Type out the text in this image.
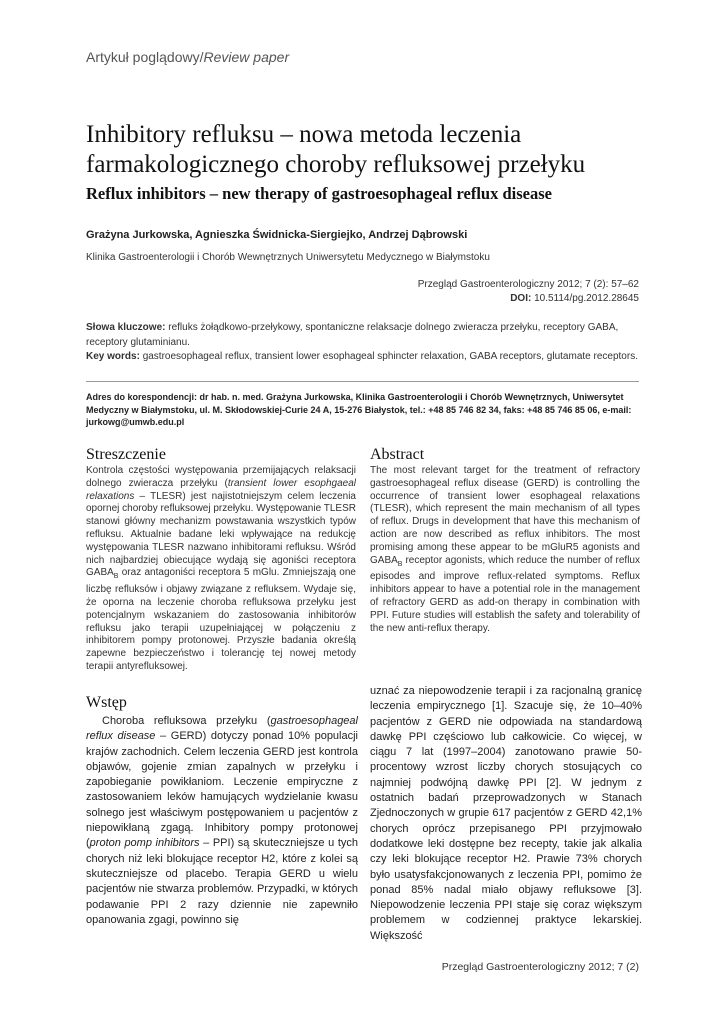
Artykuł poglądowy/Review paper
Inhibitory refluksu – nowa metoda leczenia farmakologicznego choroby refluksowej przełyku
Reflux inhibitors – new therapy of gastroesophageal reflux disease
Grażyna Jurkowska, Agnieszka Świdnicka-Siergiejko, Andrzej Dąbrowski
Klinika Gastroenterologii i Chorób Wewnętrznych Uniwersytetu Medycznego w Białymstoku
Przegląd Gastroenterologiczny 2012; 7 (2): 57–62
DOI: 10.5114/pg.2012.28645
Słowa kluczowe: refluks żołądkowo-przełykowy, spontaniczne relaksacje dolnego zwieracza przełyku, receptory GABA, receptory glutaminianu.
Key words: gastroesophageal reflux, transient lower esophageal sphincter relaxation, GABA receptors, glutamate receptors.
Adres do korespondencji: dr hab. n. med. Grażyna Jurkowska, Klinika Gastroenterologii i Chorób Wewnętrznych, Uniwersytet Medyczny w Białymstoku, ul. M. Skłodowskiej-Curie 24 A, 15-276 Białystok, tel.: +48 85 746 82 34, faks: +48 85 746 85 06, e-mail: jurkowg@umwb.edu.pl
Streszczenie	Abstract
Kontrola częstości występowania przemijających relaksacji dolnego zwieracza przełyku (transient lower esophgaeal relaxations – TLESR) jest najistotniejszym celem leczenia opornej choroby refluksowej przełyku. Występowanie TLESR stanowi główny mechanizm powstawania wszystkich typów refluksu. Aktualnie badane leki wpływające na redukcję występowania TLESR nazwano inhibitorami refluksu. Wśród nich najbardziej obiecujące wydają się agoniści receptora $GABA_B$ oraz antagoniści receptora 5 mGlu. Zmniejszają one liczbę refluksów i objawy związane z refluksem. Wydaje się, że oporna na leczenie choroba refluksowa przełyku jest potencjalnym wskazaniem do zastosowania inhibitorów refluksu jako terapii uzupełniającej w połączeniu z inhibitorem pompy protonowej. Przyszłe badania określą zapewne bezpieczeństwo i tolerancję tej nowej metody terapii antyrefluksowej.
The most relevant target for the treatment of refractory gastroesophageal reflux disease (GERD) is controlling the occurrence of transient lower esophageal relaxations (TLESR), which represent the main mechanism of all types of reflux. Drugs in development that have this mechanism of action are now described as reflux inhibitors. The most promising among these appear to be mGluR5 agonists and $GABA_B$ receptor agonists, which reduce the number of reflux episodes and improve reflux-related symptoms. Reflux inhibitors appear to have a potential role in the management of refractory GERD as add-on therapy in combination with PPI. Future studies will establish the safety and tolerability of the new anti-reflux therapy.
Wstęp
Choroba refluksowa przełyku (gastroesophageal reflux disease – GERD) dotyczy ponad 10% populacji krajów zachodnich. Celem leczenia GERD jest kontrola objawów, gojenie zmian zapalnych w przełyku i zapobieganie powikłaniom. Leczenie empiryczne z zastosowaniem leków hamujących wydzielanie kwasu solnego jest właściwym postępowaniem u pacjentów z niepowikłaną zgagą. Inhibitory pompy protonowej (proton pomp inhibitors – PPI) są skuteczniejsze u tych chorych niż leki blokujące receptor H2, które z kolei są skuteczniejsze od placebo. Terapia GERD u wielu pacjentów nie stwarza problemów. Przypadki, w których podawanie PPI 2 razy dziennie nie zapewniło opanowania zgagi, powinno się
uznać za niepowodzenie terapii i za racjonalną granicę leczenia empirycznego [1]. Szacuje się, że 10–40% pacjentów z GERD nie odpowiada na standardową dawkę PPI częściowo lub całkowicie. Co więcej, w ciągu 7 lat (1997–2004) zanotowano prawie 50-procentowy wzrost liczby chorych stosujących co najmniej podwójną dawkę PPI [2]. W jednym z ostatnich badań przeprowadzonych w Stanach Zjednoczonych w grupie 617 pacjentów z GERD 42,1% chorych oprócz przepisanego PPI przyjmowało dodatkowe leki dostępne bez recepty, takie jak alkalia czy leki blokujące receptor H2. Prawie 73% chorych było usatysfakcjonowanych z leczenia PPI, pomimo że ponad 85% nadal miało objawy refluksowe [3]. Niepowodzenie leczenia PPI staje się coraz większym problemem w codziennej praktyce lekarskiej. Większość
Przegląd Gastroenterologiczny 2012; 7 (2)
